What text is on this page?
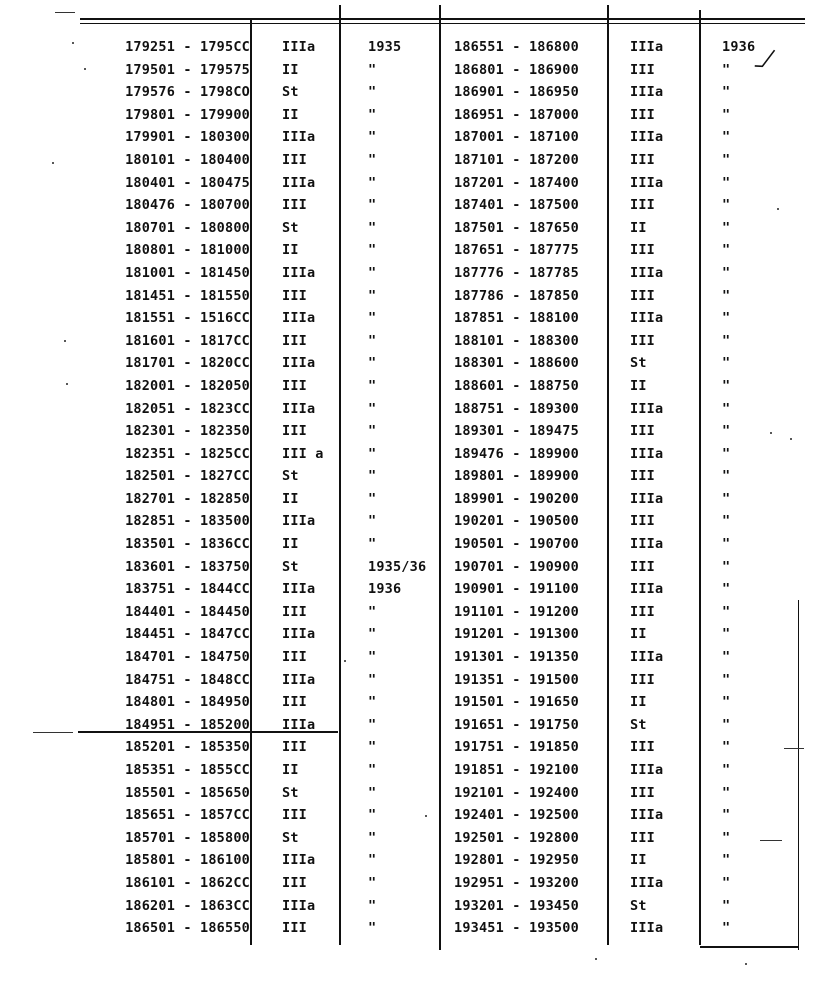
179251 - 1795CC IIIa	1935
179501 - 179575 II	"
179576 - 1798CO St	"
179801 - 179900 II	"
179901 - 180300 IIIa	"
180101 - 180400 III	"
180401 - 180475 IIIa	"
180476 - 180700 III	"
180701 - 180800 St	"
180801 - 181000 II	"
181001 - 181450 IIIa	"
181451 - 181550 III	"
181551 - 1516CC IIIa	"
181601 - 1817CC III	"
181701 - 1820CC IIIa	"
182001 - 182050 III	"
182051 - 1823CC IIIa	"
182301 - 182350 III	"
182351 - 1825CC III a	"
182501 - 1827CC St	"
182701 - 182850 II	"
182851 - 183500 IIIa	"
183501 - 1836CC II	"
183601 - 183750 St	1935/36
183751 - 1844CC IIIa	1936
184401 - 184450 III	"
184451 - 1847CC IIIa	"
184701 - 184750 III	"
184751 - 1848CC IIIa	"
184801 - 184950 III	"
184951 - 185200 IIIa	"
185201 - 185350 III	"
185351 - 1855CC II	"
185501 - 185650 St	"
185651 - 1857CC III	"
185701 - 185800 St	"
185801 - 186100 IIIa	"
186101 - 1862CC III	"
186201 - 1863CC IIIa	"
186501 - 186550 III	"
186551 - 186800	IIIa	1936
186801 - 186900	III	"
186901 - 186950	IIIa	"
186951 - 187000	III	"
187001 - 187100	IIIa	"
187101 - 187200	III	"
187201 - 187400	IIIa	"
187401 - 187500	III	"
187501 - 187650	II	"
187651 - 187775	III	"
187776 - 187785	IIIa	"
187786 - 187850	III	"
187851 - 188100	IIIa	"
188101 - 188300	III	"
188301 - 188600	St	"
188601 - 188750	II	"
188751 - 189300	IIIa	"
189301 - 189475	III	"
189476 - 189900	IIIa	"
189801 - 189900	III	"
189901 - 190200	IIIa	"
190201 - 190500	III	"
190501 - 190700	IIIa	"
190701 - 190900	III	"
190901 - 191100	IIIa	"
191101 - 191200	III	"
191201 - 191300	II	"
191301 - 191350	IIIa	"
191351 - 191500	III	"
191501 - 191650	II	"
191651 - 191750	St	"
191751 - 191850	III	"
191851 - 192100	IIIa	"
192101 - 192400	III	"
192401 - 192500	IIIa	"
192501 - 192800	III	"
192801 - 192950	II	"
192951 - 193200	IIIa	"
193201 - 193450	St	"
193451 - 193500	IIIa	"
